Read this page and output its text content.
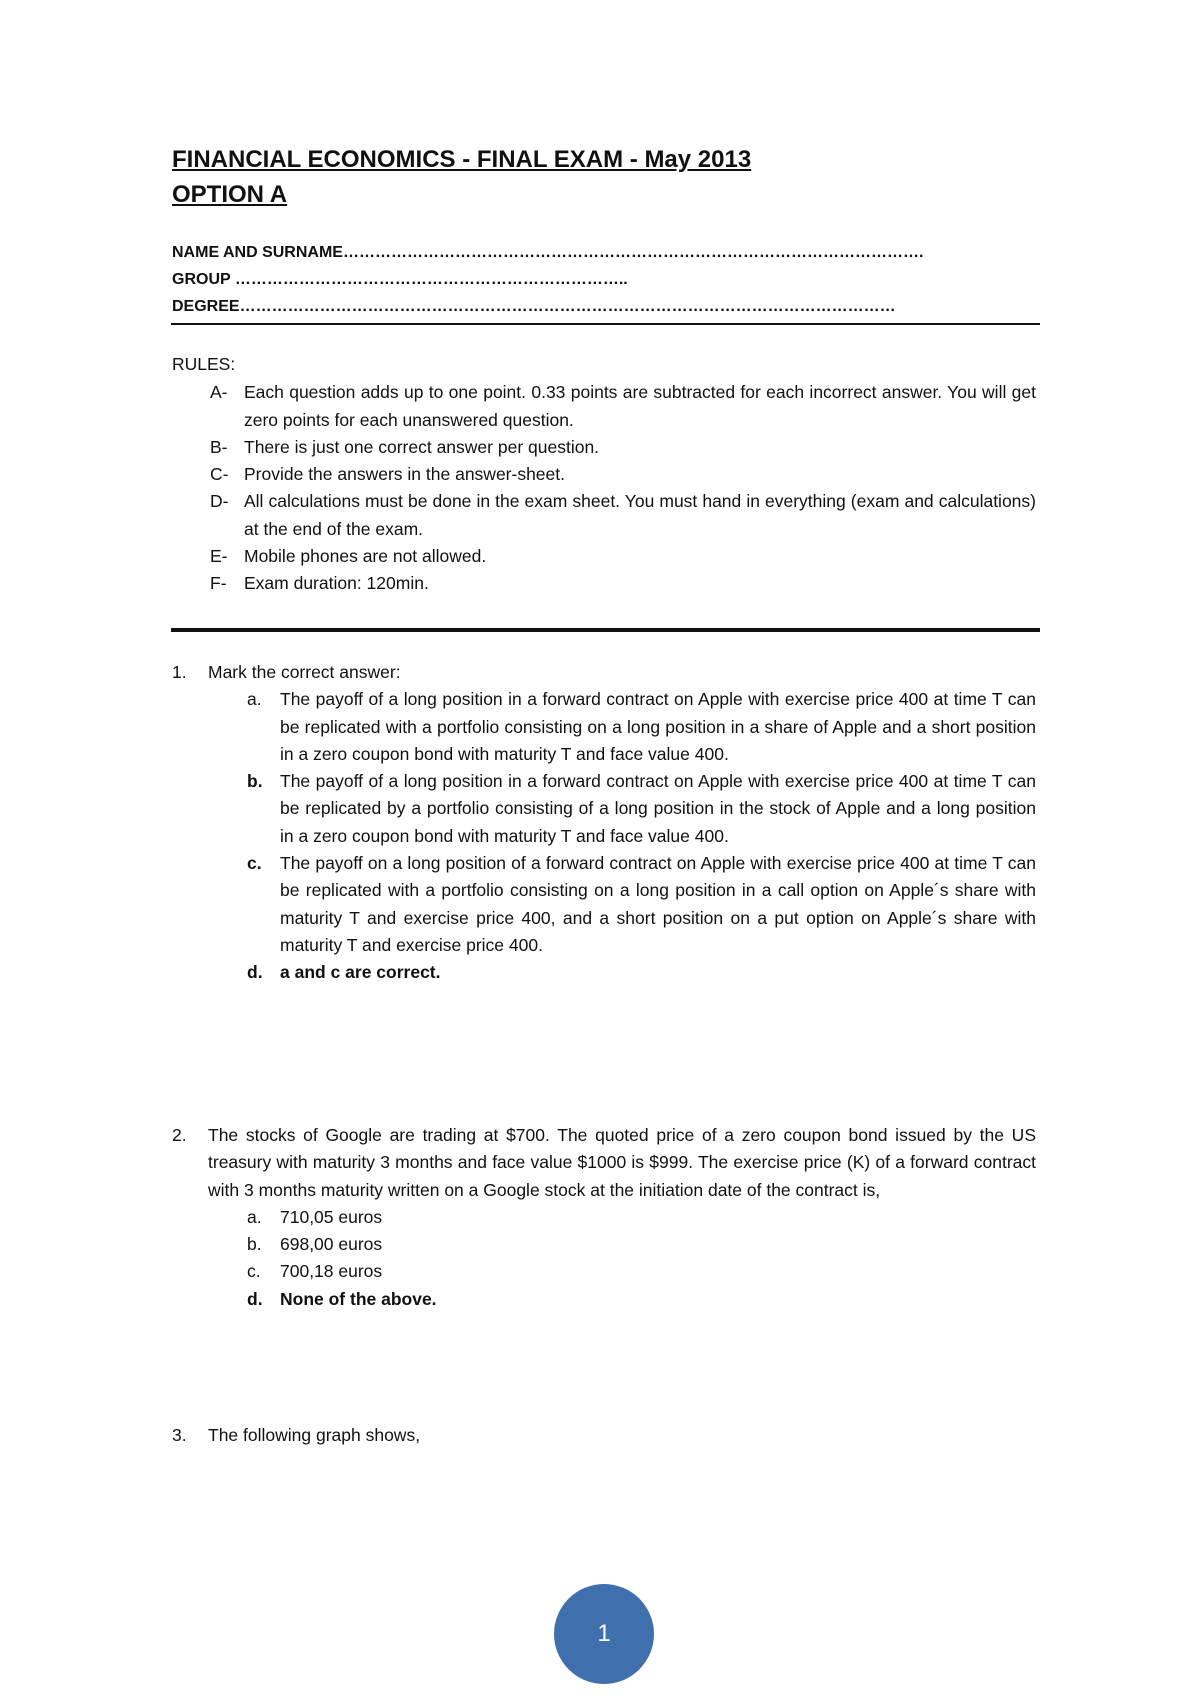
FINANCIAL ECONOMICS - FINAL EXAM - May 2013
OPTION A
NAME AND SURNAME……………………………………………………………………………………………….
GROUP ………………………………………………………………..
DEGREE……………………………………………………………………………………………………………
RULES:
A- Each question adds up to one point. 0.33 points are subtracted for each incorrect answer. You will get zero points for each unanswered question.
B- There is just one correct answer per question.
C- Provide the answers in the answer-sheet.
D- All calculations must be done in the exam sheet. You must hand in everything (exam and calculations) at the end of the exam.
E- Mobile phones are not allowed.
F- Exam duration: 120min.
1.	Mark the correct answer:
a. The payoff of a long position in a forward contract on Apple with exercise price 400 at time T can be replicated with a portfolio consisting on a long position in a share of Apple and a short position in a zero coupon bond with maturity T and face value 400.
b. The payoff of a long position in a forward contract on Apple with exercise price 400 at time T can be replicated by a portfolio consisting of a long position in the stock of Apple and a long position in a zero coupon bond with maturity T and face value 400.
c. The payoff on a long position of a forward contract on Apple with exercise price 400 at time T can be replicated with a portfolio consisting on a long position in a call option on Apple´s share with maturity T and exercise price 400, and a short position on a put option on Apple´s share with maturity T and exercise price 400.
d. a and c are correct.
2.	The stocks of Google are trading at $700. The quoted price of a zero coupon bond issued by the US treasury with maturity 3 months and face value $1000 is $999. The exercise price (K) of a forward contract with 3 months maturity written on a Google stock at the initiation date of the contract is,
a. 710,05 euros
b. 698,00 euros
c. 700,18 euros
d. None of the above.
3.	The following graph shows,
1
